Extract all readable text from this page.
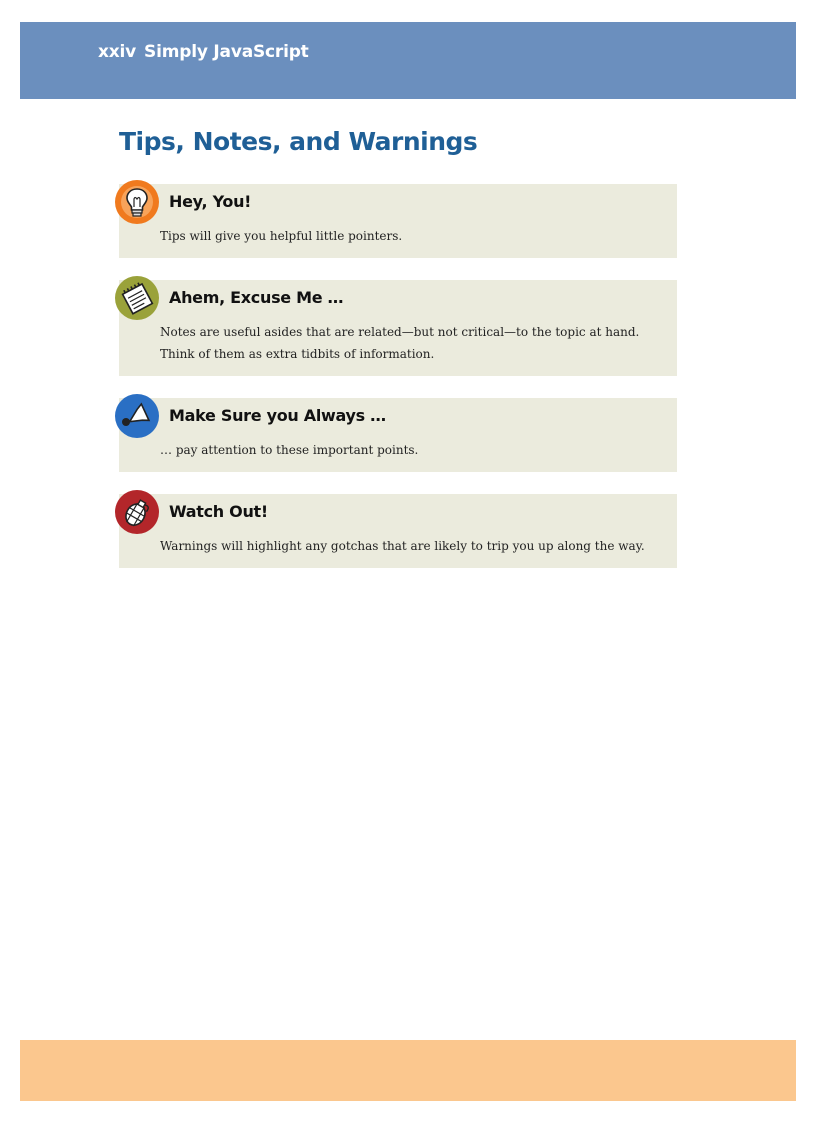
xxiv Simply JavaScript
Tips, Notes, and Warnings
Hey, You!
Tips will give you helpful little pointers.
Ahem, Excuse Me …
Notes are useful asides that are related—but not critical—to the topic at hand. Think of them as extra tidbits of information.
Make Sure you Always …
… pay attention to these important points.
Watch Out!
Warnings will highlight any gotchas that are likely to trip you up along the way.
